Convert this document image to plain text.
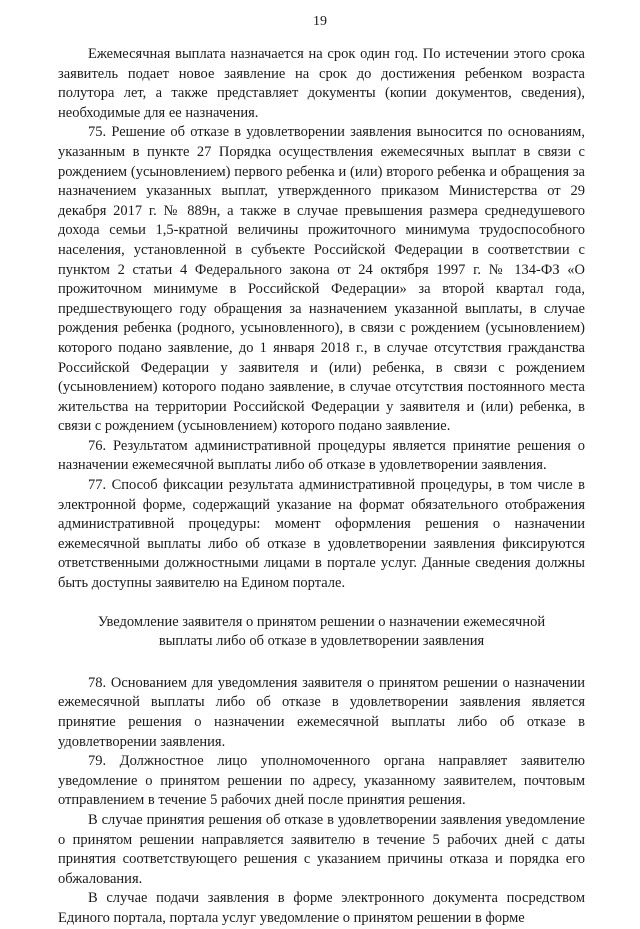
19

Ежемесячная выплата назначается на срок один год. По истечении этого срока заявитель подает новое заявление на срок до достижения ребенком возраста полутора лет, а также представляет документы (копии документов, сведения), необходимые для ее назначения.

75. Решение об отказе в удовлетворении заявления выносится по основаниям, указанным в пункте 27 Порядка осуществления ежемесячных выплат в связи с рождением (усыновлением) первого ребенка и (или) второго ребенка и обращения за назначением указанных выплат, утвержденного приказом Министерства от 29 декабря 2017 г. № 889н, а также в случае превышения размера среднедушевого дохода семьи 1,5-кратной величины прожиточного минимума трудоспособного населения, установленной в субъекте Российской Федерации в соответствии с пунктом 2 статьи 4 Федерального закона от 24 октября 1997 г. № 134-ФЗ «О прожиточном минимуме в Российской Федерации» за второй квартал года, предшествующего году обращения за назначением указанной выплаты, в случае рождения ребенка (родного, усыновленного), в связи с рождением (усыновлением) которого подано заявление, до 1 января 2018 г., в случае отсутствия гражданства Российской Федерации у заявителя и (или) ребенка, в связи с рождением (усыновлением) которого подано заявление, в случае отсутствия постоянного места жительства на территории Российской Федерации у заявителя и (или) ребенка, в связи с рождением (усыновлением) которого подано заявление.

76. Результатом административной процедуры является принятие решения о назначении ежемесячной выплаты либо об отказе в удовлетворении заявления.

77. Способ фиксации результата административной процедуры, в том числе в электронной форме, содержащий указание на формат обязательного отображения административной процедуры: момент оформления решения о назначении ежемесячной выплаты либо об отказе в удовлетворении заявления фиксируются ответственными должностными лицами в портале услуг. Данные сведения должны быть доступны заявителю на Едином портале.

Уведомление заявителя о принятом решении о назначении ежемесячной
выплаты либо об отказе в удовлетворении заявления

78. Основанием для уведомления заявителя о принятом решении о назначении ежемесячной выплаты либо об отказе в удовлетворении заявления является принятие решения о назначении ежемесячной выплаты либо об отказе в удовлетворении заявления.

79. Должностное лицо уполномоченного органа направляет заявителю уведомление о принятом решении по адресу, указанному заявителем, почтовым отправлением в течение 5 рабочих дней после принятия решения.

В случае принятия решения об отказе в удовлетворении заявления уведомление о принятом решении направляется заявителю в течение 5 рабочих дней с даты принятия соответствующего решения с указанием причины отказа и порядка его обжалования.

В случае подачи заявления в форме электронного документа посредством Единого портала, портала услуг уведомление о принятом решении в форме
